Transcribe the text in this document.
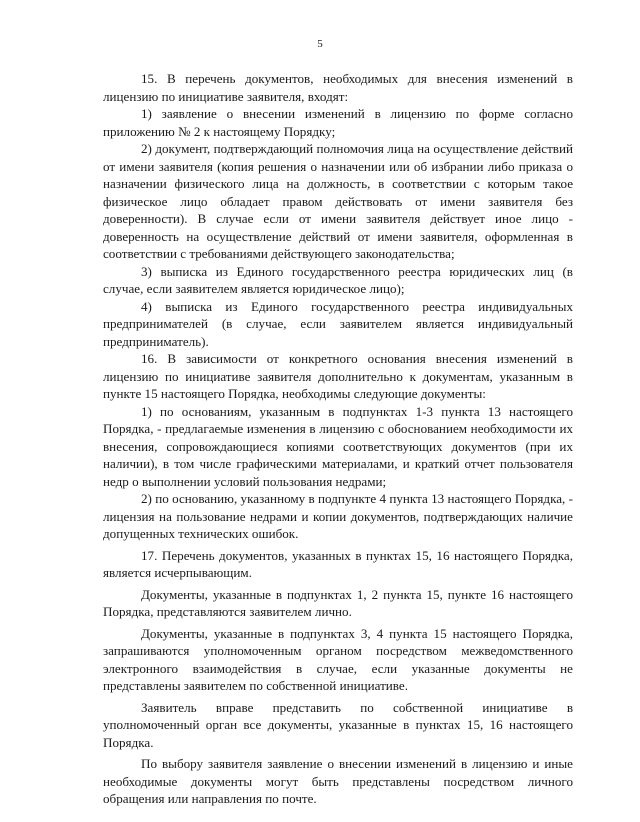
5

15. В перечень документов, необходимых для внесения изменений в лицензию по инициативе заявителя, входят:

1) заявление о внесении изменений в лицензию по форме согласно приложению № 2 к настоящему Порядку;

2) документ, подтверждающий полномочия лица на осуществление действий от имени заявителя (копия решения о назначении или об избрании либо приказа о назначении физического лица на должность, в соответствии с которым такое физическое лицо обладает правом действовать от имени заявителя без доверенности). В случае если от имени заявителя действует иное лицо - доверенность на осуществление действий от имени заявителя, оформленная в соответствии с требованиями действующего законодательства;

3) выписка из Единого государственного реестра юридических лиц (в случае, если заявителем является юридическое лицо);

4) выписка из Единого государственного реестра индивидуальных предпринимателей (в случае, если заявителем является индивидуальный предприниматель).

16. В зависимости от конкретного основания внесения изменений в лицензию по инициативе заявителя дополнительно к документам, указанным в пункте 15 настоящего Порядка, необходимы следующие документы:

1) по основаниям, указанным в подпунктах 1-3 пункта 13 настоящего Порядка, - предлагаемые изменения в лицензию с обоснованием необходимости их внесения, сопровождающиеся копиями соответствующих документов (при их наличии), в том числе графическими материалами, и краткий отчет пользователя недр о выполнении условий пользования недрами;

2) по основанию, указанному в подпункте 4 пункта 13 настоящего Порядка, - лицензия на пользование недрами и копии документов, подтверждающих наличие допущенных технических ошибок.

17. Перечень документов, указанных в пунктах 15, 16 настоящего Порядка, является исчерпывающим.

Документы, указанные в подпунктах 1, 2 пункта 15, пункте 16 настоящего Порядка, представляются заявителем лично.

Документы, указанные в подпунктах 3, 4 пункта 15 настоящего Порядка, запрашиваются уполномоченным органом посредством межведомственного электронного взаимодействия в случае, если указанные документы не представлены заявителем по собственной инициативе.

Заявитель вправе представить по собственной инициативе в уполномоченный орган все документы, указанные в пунктах 15, 16 настоящего Порядка.

По выбору заявителя заявление о внесении изменений в лицензию и иные необходимые документы могут быть представлены посредством личного обращения или направления по почте.
